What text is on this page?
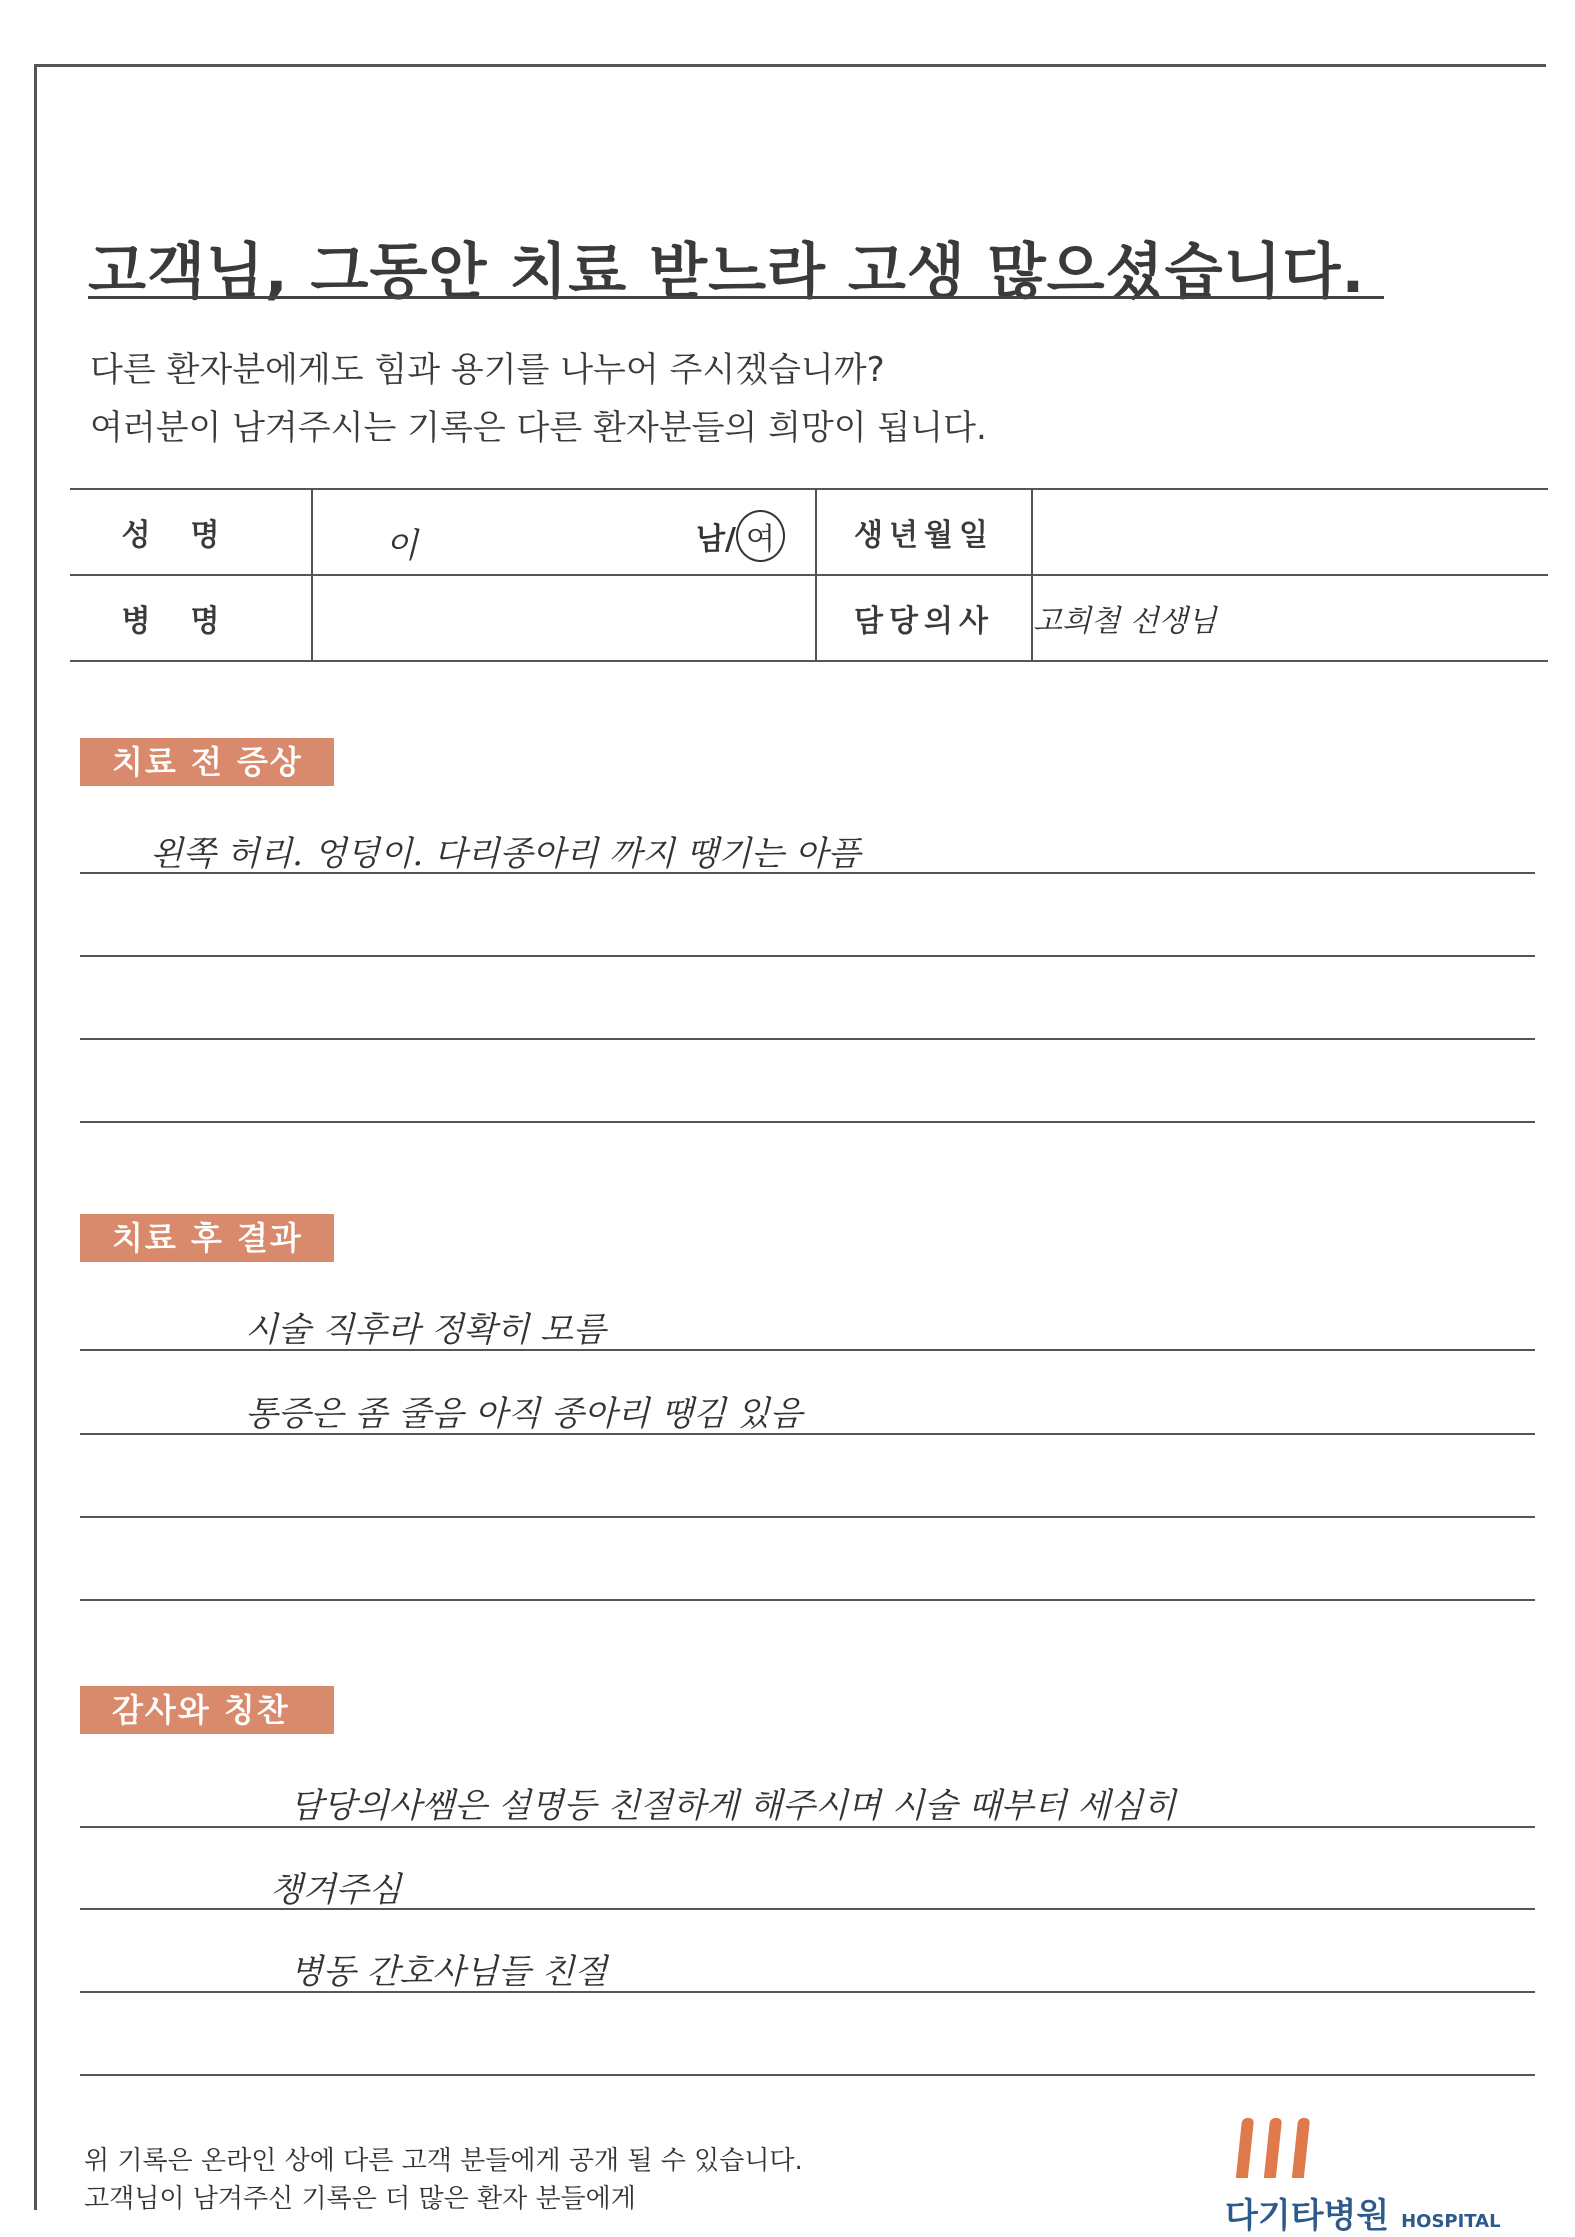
고객님, 그동안 치료 받느라 고생 많으셨습니다.
다른 환자분에게도 힘과 용기를 나누어 주시겠습니까?
여러분이 남겨주시는 기록은 다른 환자분들의 희망이 됩니다.
성명	이 남/ 여	생년월일	
병명		담당의사	고희철 선생님
치료 전 증상
왼쪽 허리. 엉덩이. 다리종아리 까지 땡기는 아픔
치료 후 결과
시술 직후라 정확히 모름
통증은 좀 줄음 아직 종아리 땡김 있음
감사와 칭찬
담당의사쌤은 설명등 친절하게 해주시며 시술 때부터 세심히
챙겨주심
병동 간호사님들 친절
위 기록은 온라인 상에 다른 고객 분들에게 공개 될 수 있습니다.
고객님이 남겨주신 기록은 더 많은 환자 분들에게	다기타병원 HOSPITAL
